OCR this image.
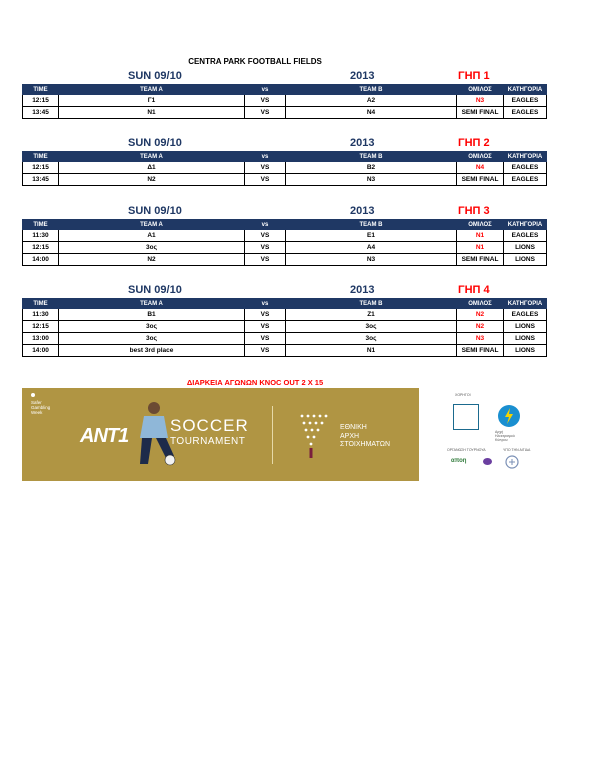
CENTRA PARK FOOTBALL FIELDS
SUN 09/10	2013	ΓΗΠ 1
TIME	TEAM A	vs	TEAM B	ΟΜΙΛΟΣ	ΚΑΤΗΓΟΡΙΑ
12:15	Γ1	VS	A2	N3	EAGLES
13:45	N1	VS	N4	SEMI FINAL	EAGLES
SUN 09/10	2013	ΓΗΠ 2
TIME	TEAM A	vs	TEAM B	ΟΜΙΛΟΣ	ΚΑΤΗΓΟΡΙΑ
12:15	Δ1	VS	B2	N4	EAGLES
13:45	N2	VS	N3	SEMI FINAL	EAGLES
SUN 09/10	2013	ΓΗΠ 3
TIME	TEAM A	vs	TEAM B	ΟΜΙΛΟΣ	ΚΑΤΗΓΟΡΙΑ
11:30	A1	VS	E1	N1	EAGLES
12:15	3ος	VS	A4	N1	LIONS
14:00	N2	VS	N3	SEMI FINAL	LIONS
SUN 09/10	2013	ΓΗΠ 4
TIME	TEAM A	vs	TEAM B	ΟΜΙΛΟΣ	ΚΑΤΗΓΟΡΙΑ
11:30	B1	VS	Z1	N2	EAGLES
12:15	3ος	VS	3ος	N2	LIONS
13:00	3ος	VS	3ος	N3	LIONS
14:00	best 3rd place	VS	N1	SEMI FINAL	LIONS
ΔΙΑΡΚΕΙΑ ΑΓΩΝΩΝ ΚΝΟC OUT 2 X 15
Safer
Gambling
Week
ANT1 SOCCER
TOURNAMENT
ΕΘΝΙΚΗ
ΑΡΧΗ
ΣΤΟΙΧΗΜΑΤΩΝ
ΧΟΡΗΓΟΙ
Αρχή
Ηλεκτρισμού
Κύπρου
ΟΡΓΑΝΩΣΗ ΤΟΥΡΝΟΥΑ	ΥΠΟ ΤΗΝ ΑΙΓΙΔΑ
αποη
